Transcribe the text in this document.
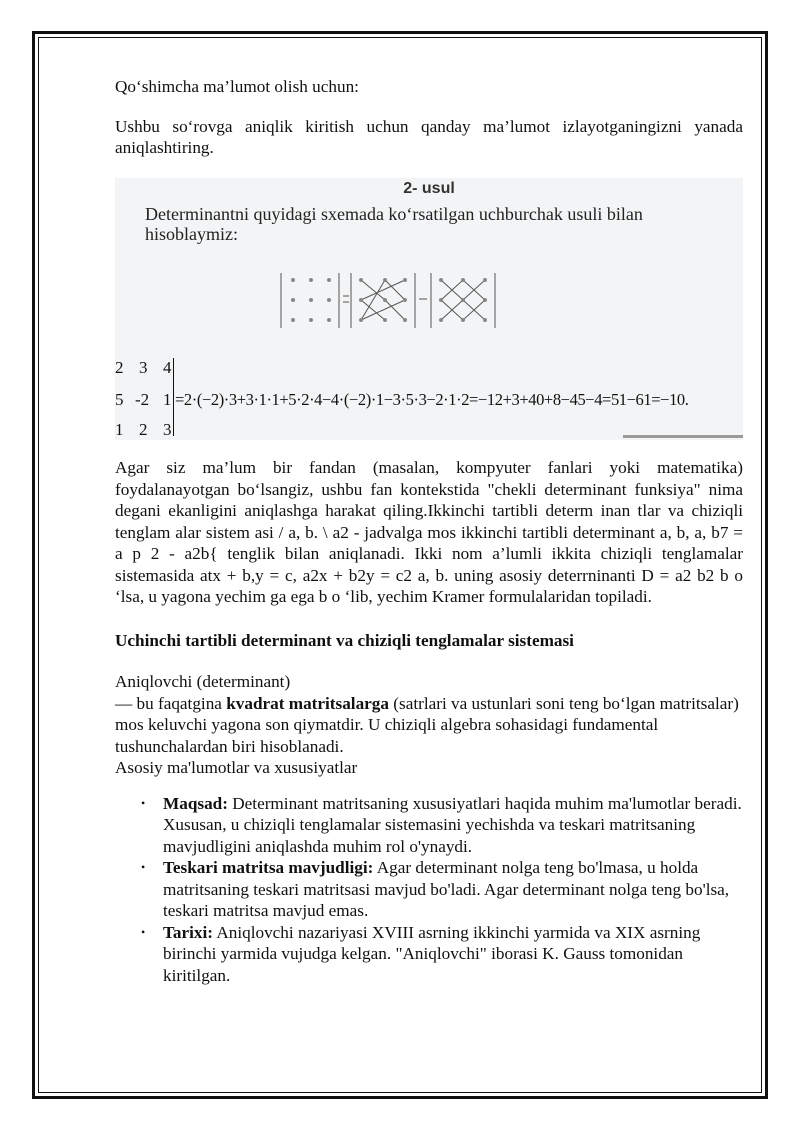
Qo‘shimcha ma’lumot olish uchun:

Ushbu so‘rovga aniqlik kiritish uchun qanday ma’lumot izlayotganingizni yanada aniqlashtiring.

2- usul
Determinantni quyidagi sxemada ko‘rsatilgan uchburchak usuli bilan
hisoblaymiz:
2 3 4
5 -2 1
1 2 3
=2·(−2)·3+3·1·1+5·2·4−4·(−2)·1−3·5·3−2·1·2=−12+3+40+8−45−4=51−61=−10.

Agar siz ma’lum bir fandan (masalan, kompyuter fanlari yoki matematika) foydalanayotgan bo‘lsangiz, ushbu fan kontekstida "chekli determinant funksiya" nima degani ekanligini aniqlashga harakat qiling.Ikkinchi tartibli determ inan tlar va chiziqli tenglam alar sistem asi / a, b. \ a2 - jadvalga mos ikkinchi tartibli determinant a, b, a, b7 = a p 2 - a2b{ tenglik bilan aniqlanadi. Ikki nom a’lumli ikkita chiziqli tenglamalar sistemasida atx + b,y = c, a2x + b2y = c2 a, b. uning asosiy deterrninanti D = a2 b2 b o ‘lsa, u yagona yechim ga ega b o ‘lib, yechim Kramer formulalaridan topiladi.

Uchinchi tartibli determinant va chiziqli tenglamalar sistemasi

Aniqlovchi (determinant)

— bu faqatgina kvadrat matritsalarga (satrlari va ustunlari soni teng bo‘lgan matritsalar) mos keluvchi yagona son qiymatdir. U chiziqli algebra sohasidagi fundamental tushunchalardan biri hisoblanadi.

Asosiy ma'lumotlar va xususiyatlar

• Maqsad: Determinant matritsaning xususiyatlari haqida muhim ma'lumotlar beradi. Xususan, u chiziqli tenglamalar sistemasini yechishda va teskari matritsaning mavjudligini aniqlashda muhim rol o'ynaydi.
• Teskari matritsa mavjudligi: Agar determinant nolga teng bo'lmasa, u holda matritsaning teskari matritsasi mavjud bo'ladi. Agar determinant nolga teng bo'lsa, teskari matritsa mavjud emas.
• Tarixi: Aniqlovchi nazariyasi XVIII asrning ikkinchi yarmida va XIX asrning birinchi yarmida vujudga kelgan. "Aniqlovchi" iborasi K. Gauss tomonidan kiritilgan.
